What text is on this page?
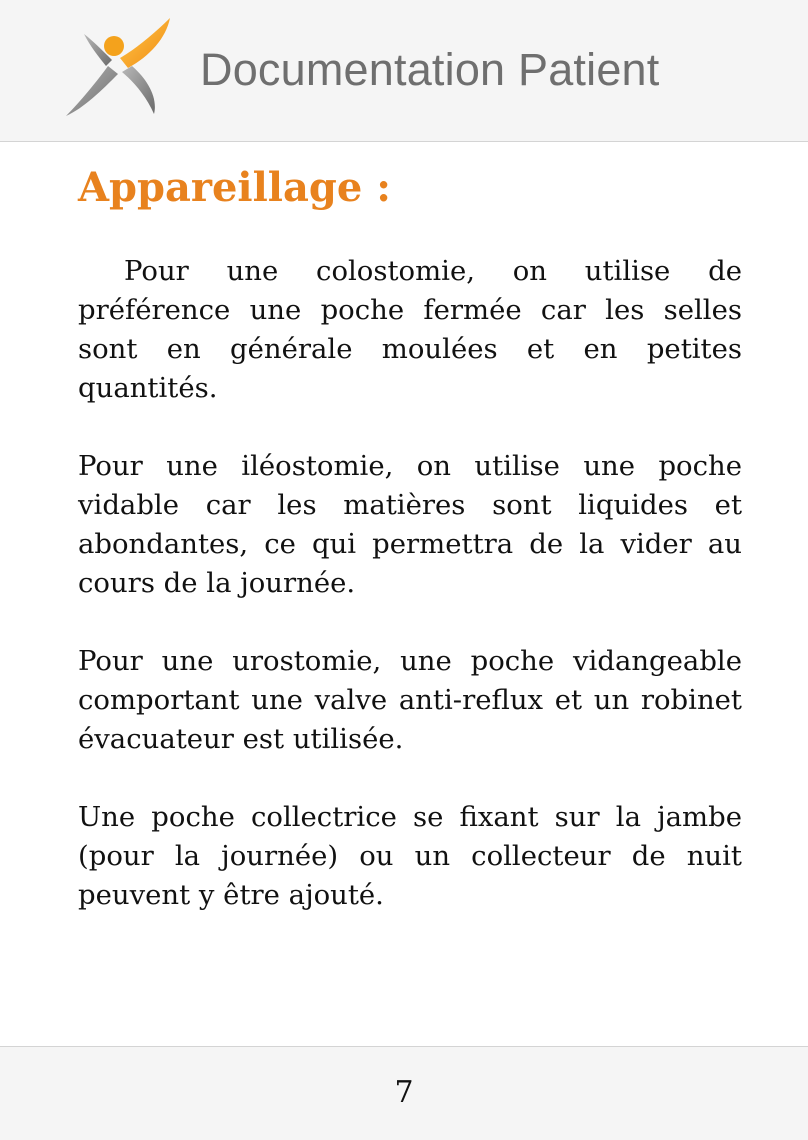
Documentation Patient
Appareillage :

Pour une colostomie, on utilise de préférence une poche fermée car les selles sont en générale moulées et en petites quantités.

Pour une iléostomie, on utilise une poche vidable car les matières sont liquides et abondantes, ce qui permettra de la vider au cours de la journée.

Pour une urostomie, une poche vidangeable comportant une valve anti-reflux et un robinet évacuateur est utilisée.

Une poche collectrice se fixant sur la jambe (pour la journée) ou un collecteur de nuit peuvent y être ajouté.

7
